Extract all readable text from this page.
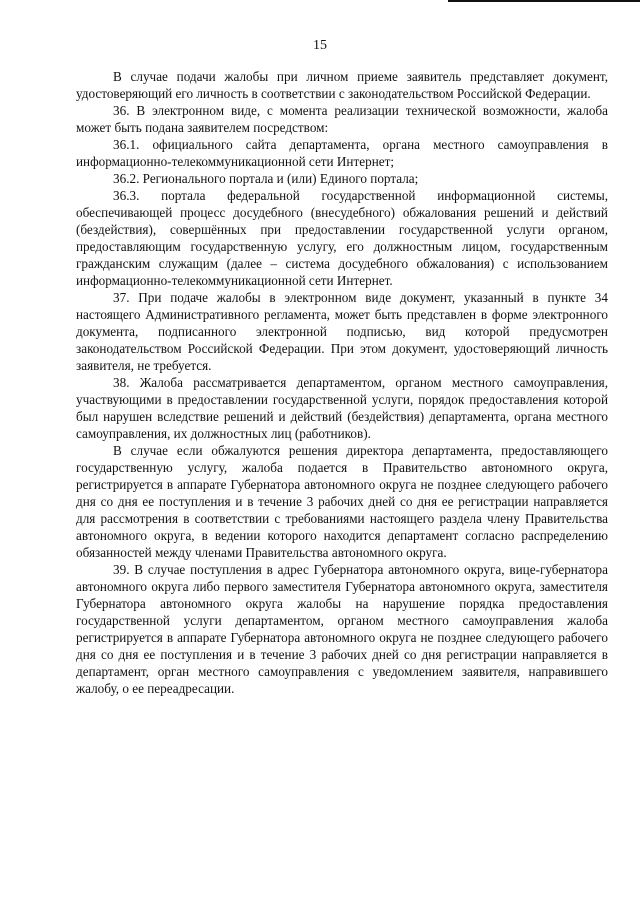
15

В случае подачи жалобы при личном приеме заявитель представляет документ, удостоверяющий его личность в соответствии с законодательством Российской Федерации.

36. В электронном виде, с момента реализации технической возможности, жалоба может быть подана заявителем посредством:

36.1. официального сайта департамента, органа местного самоуправления в информационно-телекоммуникационной сети Интернет;

36.2. Регионального портала и (или) Единого портала;

36.3. портала федеральной государственной информационной системы, обеспечивающей процесс досудебного (внесудебного) обжалования решений и действий (бездействия), совершённых при предоставлении государственной услуги органом, предоставляющим государственную услугу, его должностным лицом, государственным гражданским служащим (далее – система досудебного обжалования) с использованием информационно-телекоммуникационной сети Интернет.

37. При подаче жалобы в электронном виде документ, указанный в пункте 34 настоящего Административного регламента, может быть представлен в форме электронного документа, подписанного электронной подписью, вид которой предусмотрен законодательством Российской Федерации. При этом документ, удостоверяющий личность заявителя, не требуется.

38. Жалоба рассматривается департаментом, органом местного самоуправления, участвующими в предоставлении государственной услуги, порядок предоставления которой был нарушен вследствие решений и действий (бездействия) департамента, органа местного самоуправления, их должностных лиц (работников).

В случае если обжалуются решения директора департамента, предоставляющего государственную услугу, жалоба подается в Правительство автономного округа, регистрируется в аппарате Губернатора автономного округа не позднее следующего рабочего дня со дня ее поступления и в течение 3 рабочих дней со дня ее регистрации направляется для рассмотрения в соответствии с требованиями настоящего раздела члену Правительства автономного округа, в ведении которого находится департамент согласно распределению обязанностей между членами Правительства автономного округа.

39. В случае поступления в адрес Губернатора автономного округа, вице-губернатора автономного округа либо первого заместителя Губернатора автономного округа, заместителя Губернатора автономного округа жалобы на нарушение порядка предоставления государственной услуги департаментом, органом местного самоуправления жалоба регистрируется в аппарате Губернатора автономного округа не позднее следующего рабочего дня со дня ее поступления и в течение 3 рабочих дней со дня регистрации направляется в департамент, орган местного самоуправления с уведомлением заявителя, направившего жалобу, о ее переадресации.
